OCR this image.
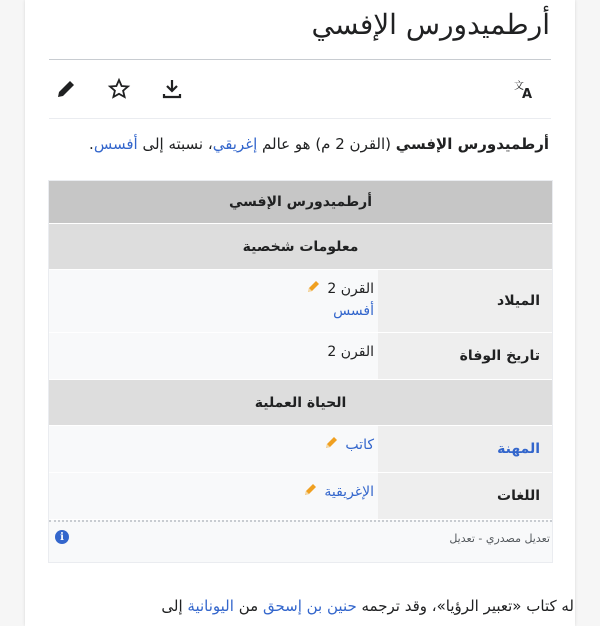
أرطميدورس الإفسي
文
A

أرطميدورس الإفسي (القرن 2 م) هو عالم إغريقي، نسبته إلى أفسس.

أرطميدورس الإفسي
معلومات شخصية
الميلاد
القرن 2
أفسس
تاريخ الوفاة
القرن 2
الحياة العملية
المهنة
كاتب
اللغات
الإغريقية
تعديل مصدري - تعديل
i

له كتاب «تعبير الرؤيا»، وقد ترجمه حنين بن إسحق من اليونانية إلى
